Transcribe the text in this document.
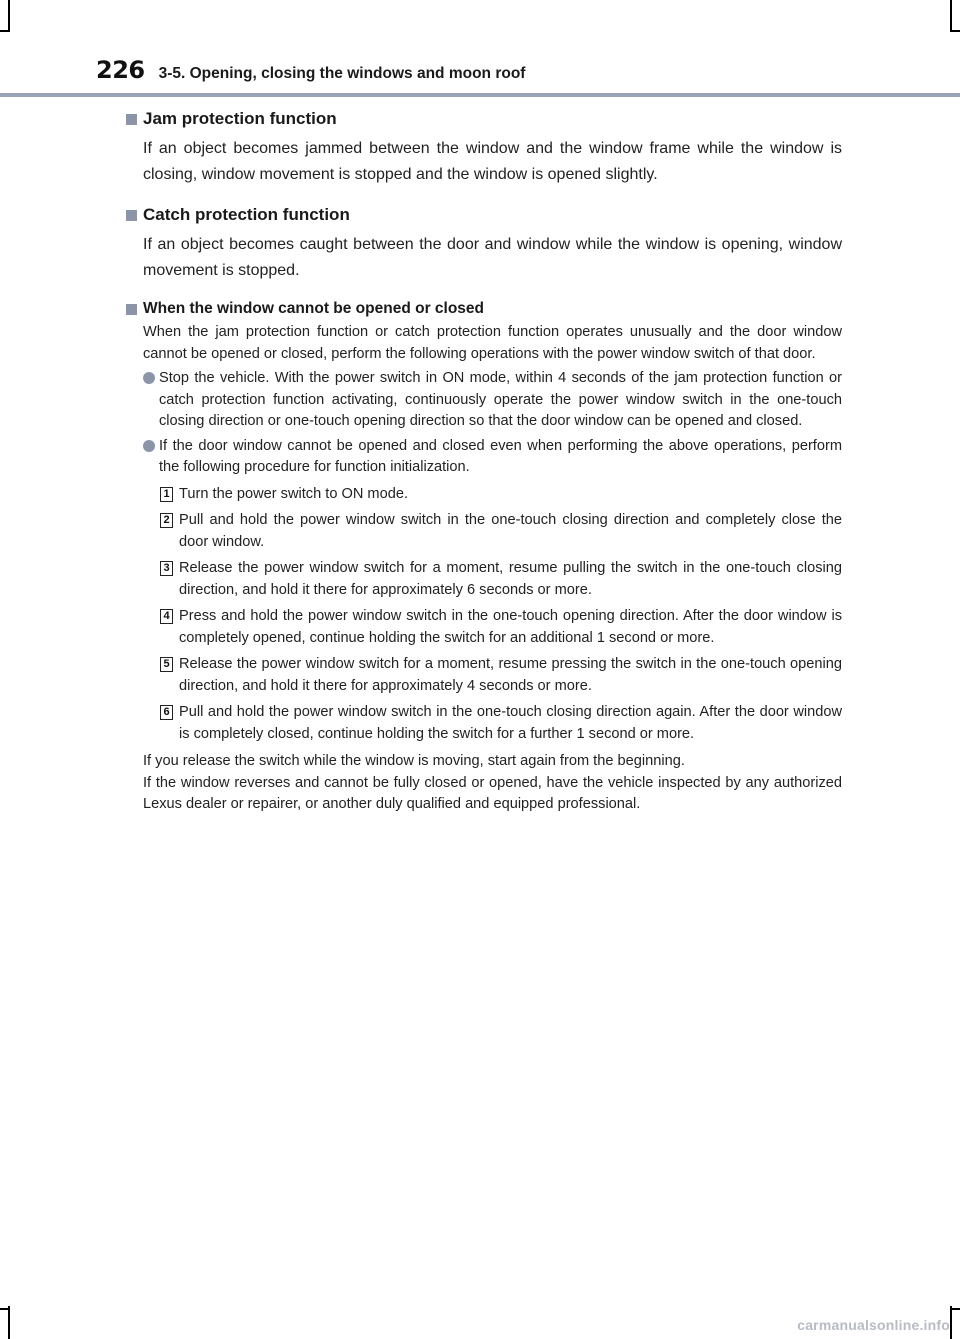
226 3-5. Opening, closing the windows and moon roof
Jam protection function
If an object becomes jammed between the window and the window frame while the window is closing, window movement is stopped and the window is opened slightly.
Catch protection function
If an object becomes caught between the door and window while the window is opening, window movement is stopped.
When the window cannot be opened or closed
When the jam protection function or catch protection function operates unusually and the door window cannot be opened or closed, perform the following operations with the power window switch of that door.
Stop the vehicle. With the power switch in ON mode, within 4 seconds of the jam protection function or catch protection function activating, continuously operate the power window switch in the one-touch closing direction or one-touch opening direction so that the door window can be opened and closed.
If the door window cannot be opened and closed even when performing the above operations, perform the following procedure for function initialization.
1 Turn the power switch to ON mode.
2 Pull and hold the power window switch in the one-touch closing direction and completely close the door window.
3 Release the power window switch for a moment, resume pulling the switch in the one-touch closing direction, and hold it there for approximately 6 seconds or more.
4 Press and hold the power window switch in the one-touch opening direction. After the door window is completely opened, continue holding the switch for an additional 1 second or more.
5 Release the power window switch for a moment, resume pressing the switch in the one-touch opening direction, and hold it there for approximately 4 seconds or more.
6 Pull and hold the power window switch in the one-touch closing direction again. After the door window is completely closed, continue holding the switch for a further 1 second or more.
If you release the switch while the window is moving, start again from the beginning.
If the window reverses and cannot be fully closed or opened, have the vehicle inspected by any authorized Lexus dealer or repairer, or another duly qualified and equipped professional.
carmanualsonline.info
